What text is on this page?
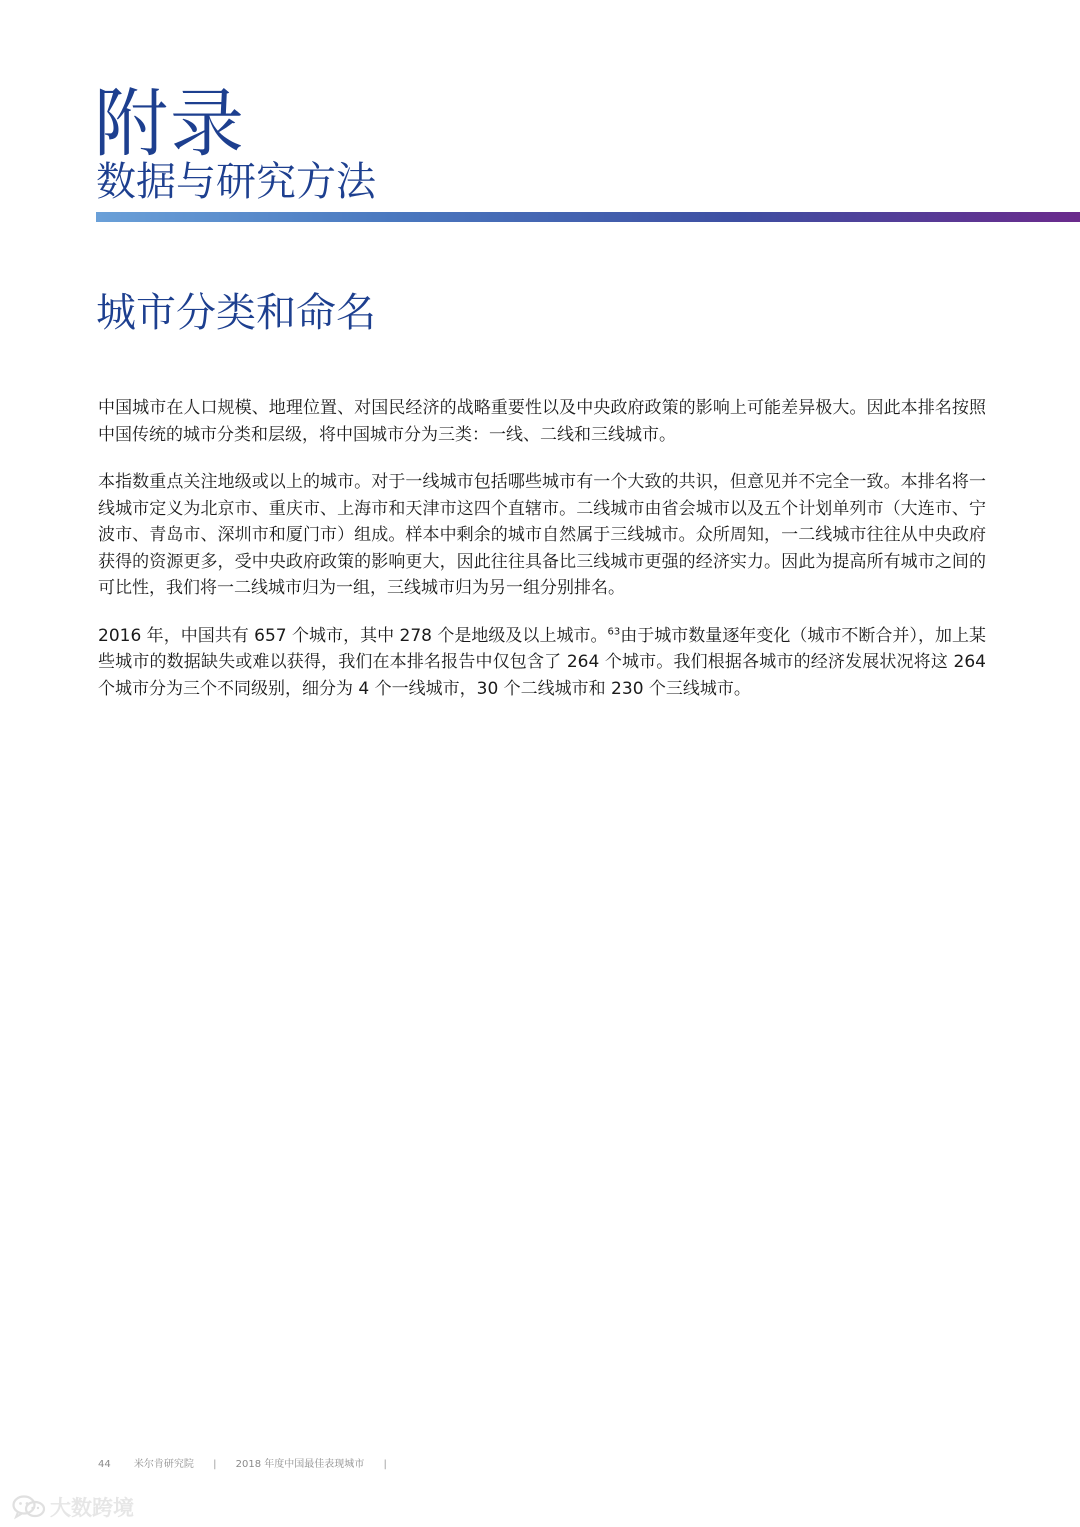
附录
数据与研究方法
城市分类和命名

中国城市在人口规模、地理位置、对国民经济的战略重要性以及中央政府政策的影响上可能差异极大。因此本排名按照中国传统的城市分类和层级，将中国城市分为三类：一线、二线和三线城市。

本指数重点关注地级或以上的城市。对于一线城市包括哪些城市有一个大致的共识，但意见并不完全一致。本排名将一线城市定义为北京市、重庆市、上海市和天津市这四个直辖市。二线城市由省会城市以及五个计划单列市（大连市、宁波市、青岛市、深圳市和厦门市）组成。样本中剩余的城市自然属于三线城市。众所周知，一二线城市往往从中央政府获得的资源更多，受中央政府政策的影响更大，因此往往具备比三线城市更强的经济实力。因此为提高所有城市之间的可比性，我们将一二线城市归为一组，三线城市归为另一组分别排名。

2016 年，中国共有 657 个城市，其中 278 个是地级及以上城市。$^{63}$由于城市数量逐年变化（城市不断合并），加上某些城市的数据缺失或难以获得，我们在本排名报告中仅包含了 264 个城市。我们根据各城市的经济发展状况将这 264 个城市分为三个不同级别，细分为 4 个一线城市，30 个二线城市和 230 个三线城市。

44 米尔肯研究院 | 2018 年度中国最佳表现城市 |
大数跨境
